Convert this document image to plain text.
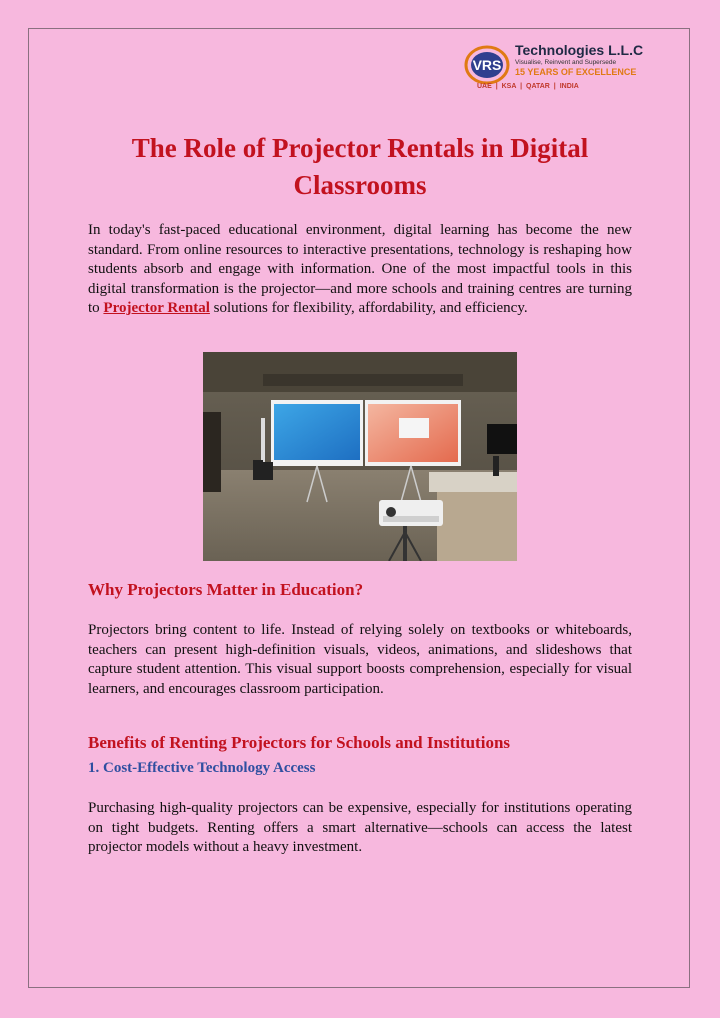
VRS
Technologies L.L.C
Visualise, Reinvent and Supersede
15 YEARS OF EXCELLENCE
UAE | KSA | QATAR | INDIA
The Role of Projector Rentals in Digital Classrooms

In today's fast-paced educational environment, digital learning has become the new standard. From online resources to interactive presentations, technology is reshaping how students absorb and engage with information. One of the most impactful tools in this digital transformation is the projector—and more schools and training centres are turning to Projector Rental solutions for flexibility, affordability, and efficiency.

Why Projectors Matter in Education?

Projectors bring content to life. Instead of relying solely on textbooks or whiteboards, teachers can present high-definition visuals, videos, animations, and slideshows that capture student attention. This visual support boosts comprehension, especially for visual learners, and encourages classroom participation.

Benefits of Renting Projectors for Schools and Institutions
1. Cost-Effective Technology Access

Purchasing high-quality projectors can be expensive, especially for institutions operating on tight budgets. Renting offers a smart alternative—schools can access the latest projector models without a heavy investment.
